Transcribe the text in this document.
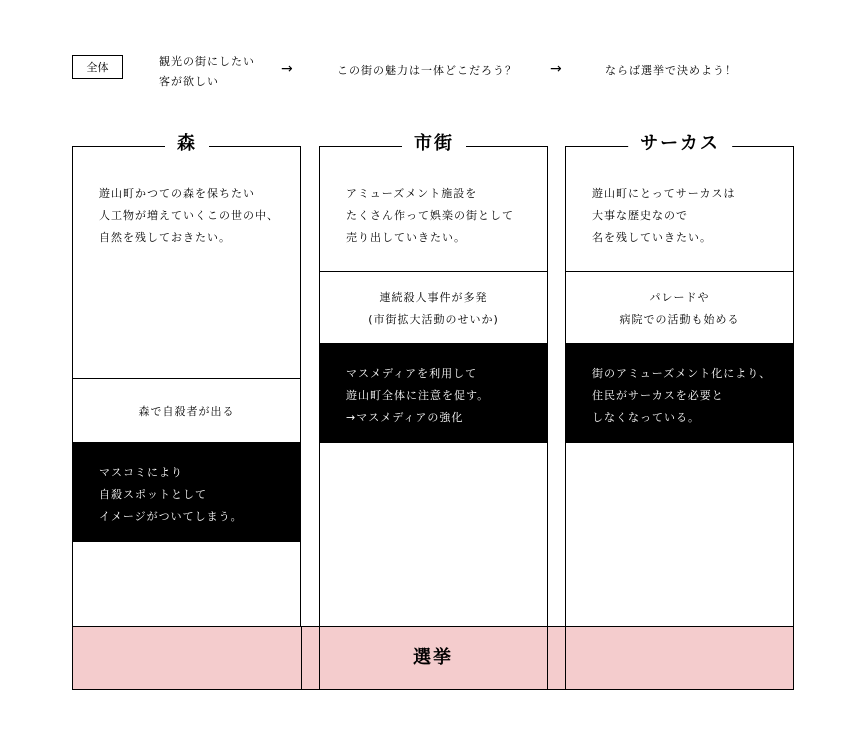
全体	観光の街にしたい
客が欲しい
→	この街の魅力は一体どこだろう？ →	ならば選挙で決めよう！
遊山町かつての森を保ちたい
人工物が増えていくこの世の中、
自然を残しておきたい。
森で自殺者が出る
マスコミにより
自殺スポットとして
イメージがついてしまう。
森
アミューズメント施設を
たくさん作って娯楽の街として
売り出していきたい。
連続殺人事件が多発
(市街拡大活動のせいか)
マスメディアを利用して
遊山町全体に注意を促す。
→マスメディアの強化
市街
遊山町にとってサーカスは
大事な歴史なので
名を残していきたい。
パレードや
病院での活動も始める
街のアミューズメント化により、
住民がサーカスを必要と
しなくなっている。
サーカス
選挙
